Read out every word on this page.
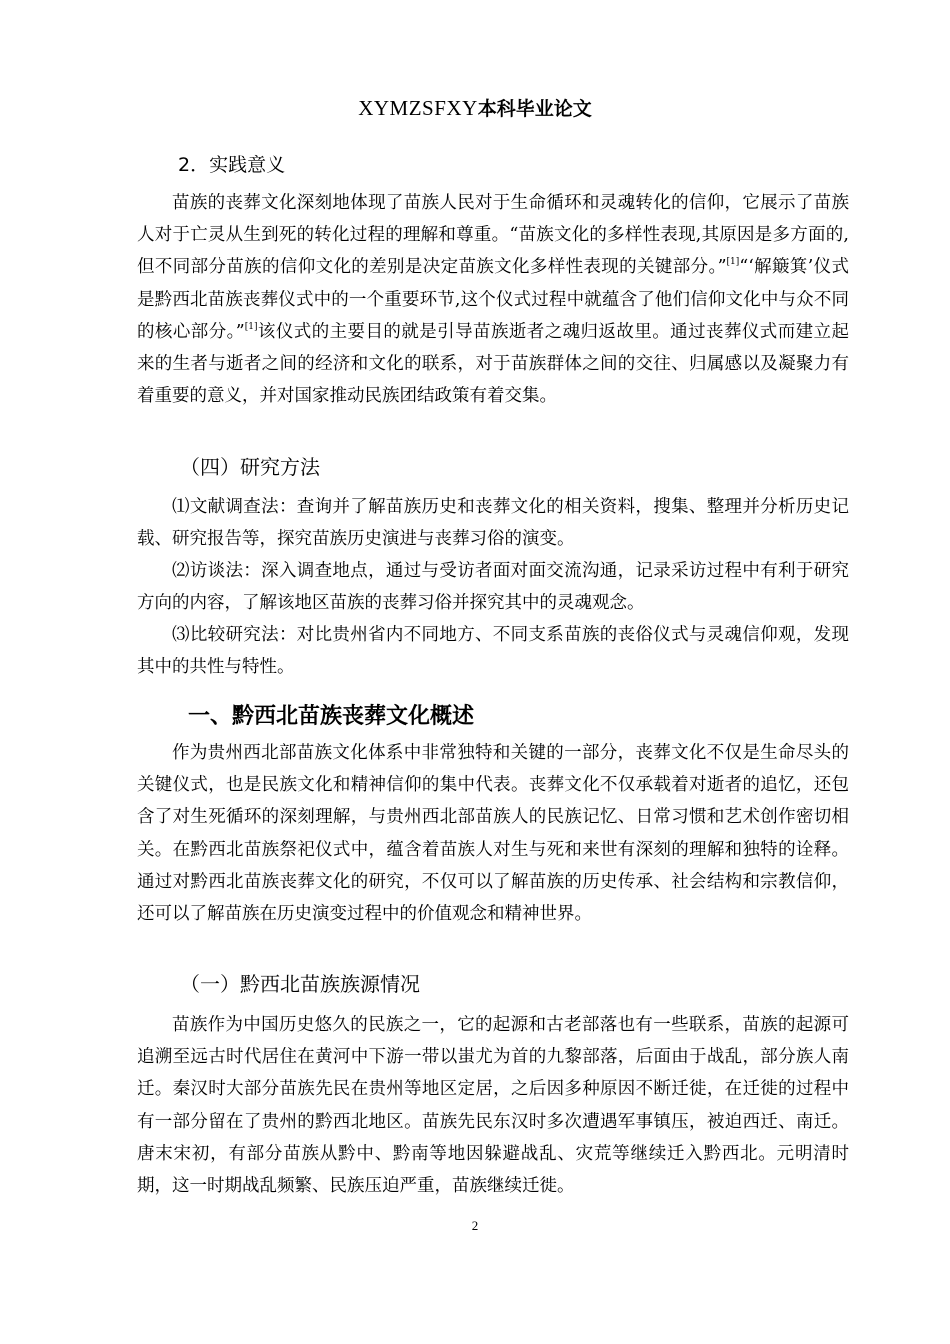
XYMZSFXY本科毕业论文
2．实践意义

苗族的丧葬文化深刻地体现了苗族人民对于生命循环和灵魂转化的信仰，它展示了苗族人对于亡灵从生到死的转化过程的理解和尊重。“苗族文化的多样性表现,其原因是多方面的,但不同部分苗族的信仰文化的差别是决定苗族文化多样性表现的关键部分。”[1]“‘解簸箕’仪式是黔西北苗族丧葬仪式中的一个重要环节,这个仪式过程中就蕴含了他们信仰文化中与众不同的核心部分。”[1]该仪式的主要目的就是引导苗族逝者之魂归返故里。通过丧葬仪式而建立起来的生者与逝者之间的经济和文化的联系，对于苗族群体之间的交往、归属感以及凝聚力有着重要的意义，并对国家推动民族团结政策有着交集。

（四）研究方法

⑴文献调查法：查询并了解苗族历史和丧葬文化的相关资料，搜集、整理并分析历史记载、研究报告等，探究苗族历史演进与丧葬习俗的演变。

⑵访谈法：深入调查地点，通过与受访者面对面交流沟通，记录采访过程中有利于研究方向的内容，了解该地区苗族的丧葬习俗并探究其中的灵魂观念。

⑶比较研究法：对比贵州省内不同地方、不同支系苗族的丧俗仪式与灵魂信仰观，发现其中的共性与特性。

一、黔西北苗族丧葬文化概述

作为贵州西北部苗族文化体系中非常独特和关键的一部分，丧葬文化不仅是生命尽头的关键仪式，也是民族文化和精神信仰的集中代表。丧葬文化不仅承载着对逝者的追忆，还包含了对生死循环的深刻理解，与贵州西北部苗族人的民族记忆、日常习惯和艺术创作密切相关。在黔西北苗族祭祀仪式中，蕴含着苗族人对生与死和来世有深刻的理解和独特的诠释。通过对黔西北苗族丧葬文化的研究，不仅可以了解苗族的历史传承、社会结构和宗教信仰，还可以了解苗族在历史演变过程中的价值观念和精神世界。

（一）黔西北苗族族源情况

苗族作为中国历史悠久的民族之一，它的起源和古老部落也有一些联系，苗族的起源可追溯至远古时代居住在黄河中下游一带以蚩尤为首的九黎部落，后面由于战乱，部分族人南迁。秦汉时大部分苗族先民在贵州等地区定居，之后因多种原因不断迁徙，在迁徙的过程中有一部分留在了贵州的黔西北地区。苗族先民东汉时多次遭遇军事镇压，被迫西迁、南迁。唐末宋初，有部分苗族从黔中、黔南等地因躲避战乱、灾荒等继续迁入黔西北。元明清时期，这一时期战乱频繁、民族压迫严重，苗族继续迁徙。

2
